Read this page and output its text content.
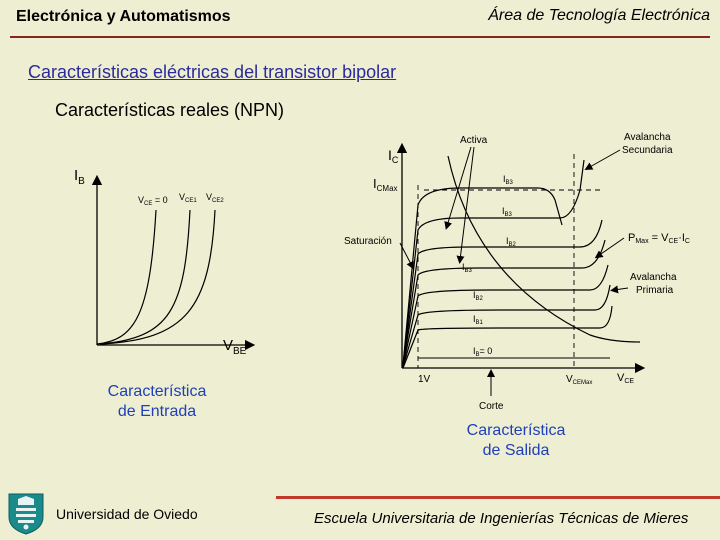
Electrónica y Automatismos	Área de Tecnología Electrónica
Características eléctricas del transistor bipolar
Características reales (NPN)
$I_B$
$V_{BE}$
$V_{CE} = 0$ $V_{CE1}$ $V_{CE2}$
Característica
de Entrada
$I_C$
$I_{CMax}$
VCE
$I_{B3}$
$I_{B3}$
$I_{B2}$
$I_{B3}$
$I_{B2}$
$I_{B1}$
$I_B= 0$
1V	$V_{CEMax}$
Activa
Saturación
Corte
Avalancha
Secundaria
Avalancha
Primaria
PMax = VCE·IC
Característica
de Salida
Universidad de Oviedo	Escuela Universitaria de Ingenierías Técnicas de Mieres
